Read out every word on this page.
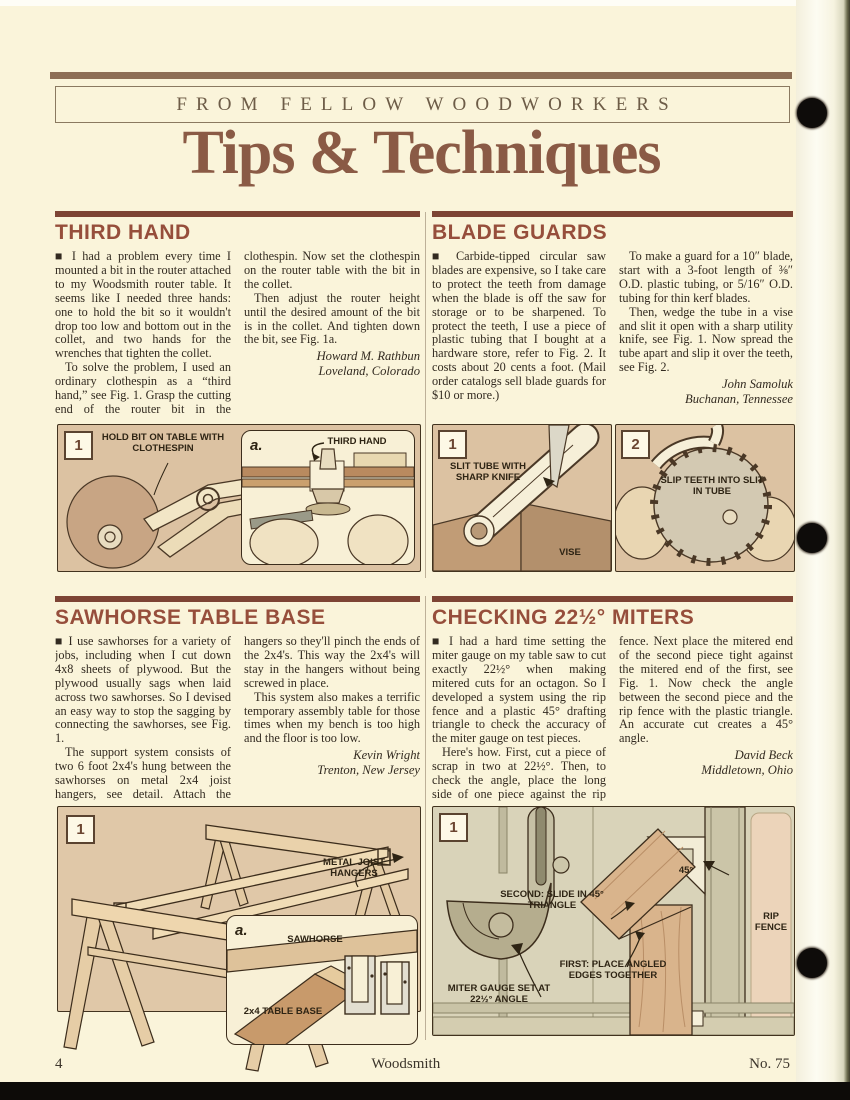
FROM FELLOW WOODWORKERS
Tips & Techniques
THIRD HAND

■ I had a problem every time I mounted a bit in the router attached to my Woodsmith router table. It seems like I needed three hands: one to hold the bit so it wouldn't drop too low and bottom out in the collet, and two hands for the wrenches that tighten the collet.

To solve the problem, I used an ordinary clothespin as a “third hand,” see Fig. 1. Grasp the cutting end of the router bit in the clothespin. Now set the clothespin on the router table with the bit in the collet.

Then adjust the router height until the desired amount of the bit is in the collet. And tighten down the bit, see Fig. 1a.

Howard M. Rathbun
Loveland, Colorado
BLADE GUARDS

■ Carbide-tipped circular saw blades are expensive, so I take care to protect the teeth from damage when the blade is off the saw for storage or to be sharpened. To protect the teeth, I use a piece of plastic tubing that I bought at a hardware store, refer to Fig. 2. It costs about 20 cents a foot. (Mail order catalogs sell blade guards for $10 or more.)

To make a guard for a 10″ blade, start with a 3-foot length of ⅜″ O.D. plastic tubing, or 5/16″ O.D. tubing for thin kerf blades.

Then, wedge the tube in a vise and slit it open with a sharp utility knife, see Fig. 1. Now spread the tube apart and slip it over the teeth, see Fig. 2.

John Samoluk
Buchanan, Tennessee
1	HOLD BIT ON TABLE WITH CLOTHESPIN	a.	THIRD HAND	1
SLIT TUBE WITH SHARP KNIFE
VISE
2
SLIP TEETH INTO SLIT IN TUBE
SAWHORSE TABLE BASE

■ I use sawhorses for a variety of jobs, including when I cut down 4x8 sheets of plywood. But the plywood usually sags when laid across two sawhorses. So I devised an easy way to stop the sagging by connecting the sawhorses, see Fig. 1.

The support system consists of two 6 foot 2x4's hung between the sawhorses on metal 2x4 joist hangers, see detail. Attach the hangers so they'll pinch the ends of the 2x4's. This way the 2x4's will stay in the hangers without being screwed in place.

This system also makes a terrific temporary assembly table for those times when my bench is too high and the floor is too low.

Kevin Wright
Trenton, New Jersey
CHECKING 22½° MITERS

■ I had a hard time setting the miter gauge on my table saw to cut exactly 22½° when making mitered cuts for an octagon. So I developed a system using the rip fence and a plastic 45° drafting triangle to check the accuracy of the miter gauge on test pieces.

Here's how. First, cut a piece of scrap in two at 22½°. Then, to check the angle, place the long side of one piece against the rip fence. Next place the mitered end of the second piece tight against the mitered end of the first, see Fig. 1. Now check the angle between the second piece and the rip fence with the plastic triangle. An accurate cut creates a 45° angle.

David Beck
Middletown, Ohio
1
METAL JOIST HANGERS
a.
SAWHORSE
2x4 TABLE BASE
1
SECOND: SLIDE IN 45° TRIANGLE
45°
RIP FENCE
FIRST: PLACE ANGLED EDGES TOGETHER
MITER GAUGE SET AT 22½° ANGLE
4	Woodsmith	No. 75
